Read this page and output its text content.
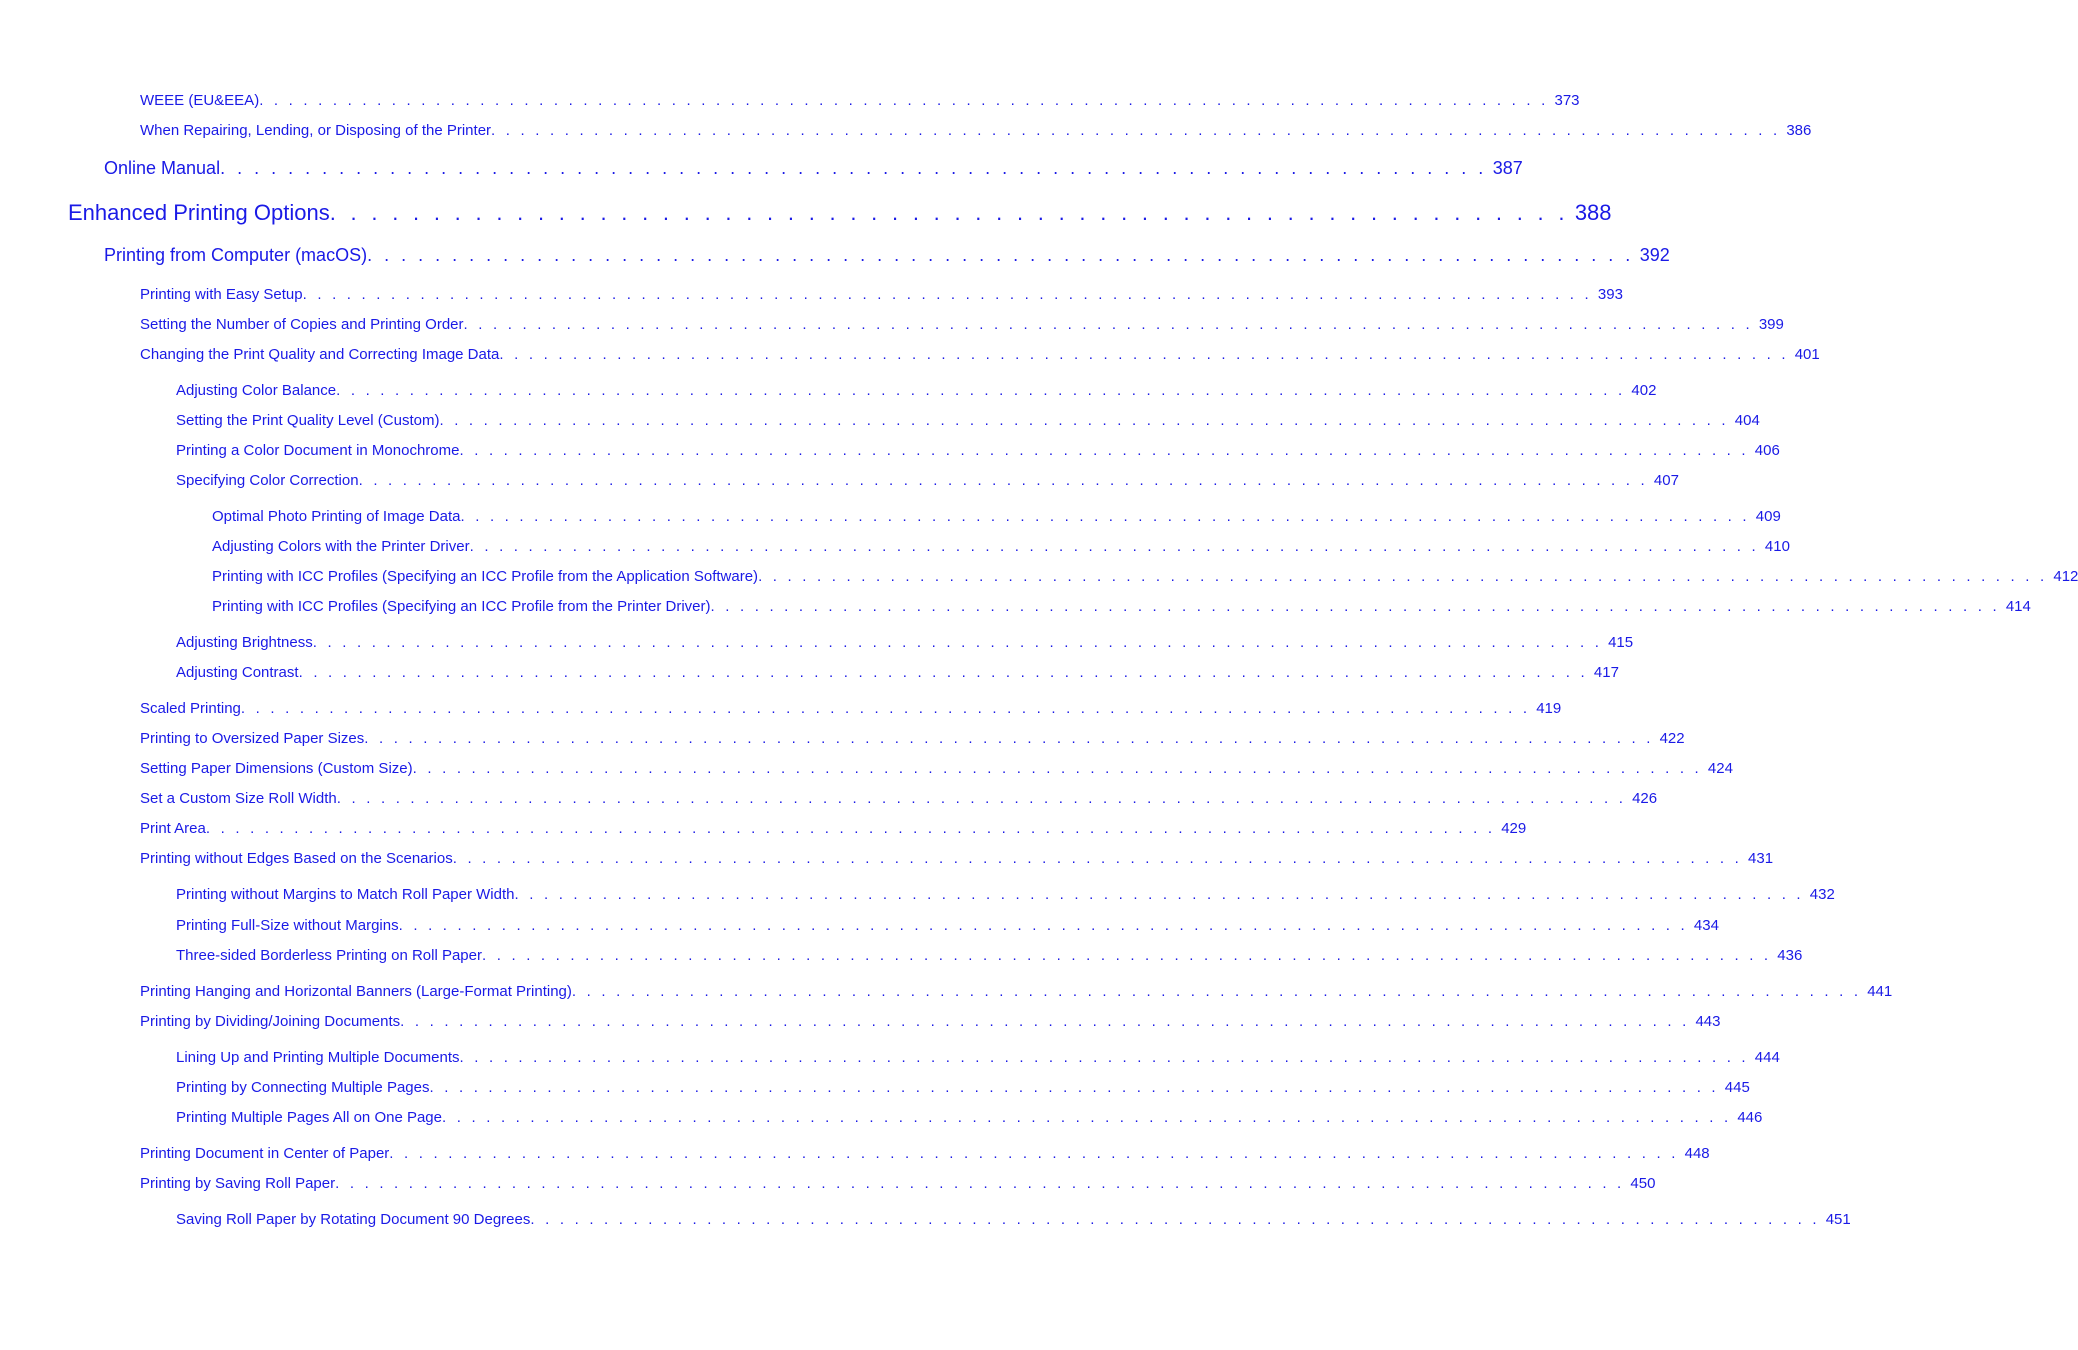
WEEE (EU&EEA) . . . . . . . . . . . . . . . . . . . . . . . . . . . . . . . . . . . . . . . . . . . . . . . . . . . . . . . . . . . . . . . . . . . . . . . . . . . . . . . . . . . . . . . . 373
When Repairing, Lending, or Disposing of the Printer . . . . . . . . . . . . . . . . . . . . . . . . . . . . . . . . . . . . . . . . . . . . . . . . . . . . . . . . . . . . . . . . . . . . . . . . . . . . . . . . . . . . . . . . 386
Online Manual . . . . . . . . . . . . . . . . . . . . . . . . . . . . . . . . . . . . . . . . . . . . . . . . . . . . . . . . . . . . . . . . . . . . . . . . . . . 387
Enhanced Printing Options . . . . . . . . . . . . . . . . . . . . . . . . . . . . . . . . . . . . . . . . . . . . . . . . . . . . . . . . . . . . 388
Printing from Computer (macOS) . . . . . . . . . . . . . . . . . . . . . . . . . . . . . . . . . . . . . . . . . . . . . . . . . . . . . . . . . . . . . . . . . . . . . . . . . . . 392
Printing with Easy Setup . . . . . . . . . . . . . . . . . . . . . . . . . . . . . . . . . . . . . . . . . . . . . . . . . . . . . . . . . . . . . . . . . . . . . . . . . . . . . . . . . . . . . . . . 393
Setting the Number of Copies and Printing Order . . . . . . . . . . . . . . . . . . . . . . . . . . . . . . . . . . . . . . . . . . . . . . . . . . . . . . . . . . . . . . . . . . . . . . . . . . . . . . . . . . . . . . . . 399
Changing the Print Quality and Correcting Image Data . . . . . . . . . . . . . . . . . . . . . . . . . . . . . . . . . . . . . . . . . . . . . . . . . . . . . . . . . . . . . . . . . . . . . . . . . . . . . . . . . . . . . . . . 401
Adjusting Color Balance . . . . . . . . . . . . . . . . . . . . . . . . . . . . . . . . . . . . . . . . . . . . . . . . . . . . . . . . . . . . . . . . . . . . . . . . . . . . . . . . . . . . . . . . 402
Setting the Print Quality Level (Custom) . . . . . . . . . . . . . . . . . . . . . . . . . . . . . . . . . . . . . . . . . . . . . . . . . . . . . . . . . . . . . . . . . . . . . . . . . . . . . . . . . . . . . . . . 404
Printing a Color Document in Monochrome . . . . . . . . . . . . . . . . . . . . . . . . . . . . . . . . . . . . . . . . . . . . . . . . . . . . . . . . . . . . . . . . . . . . . . . . . . . . . . . . . . . . . . . . 406
Specifying Color Correction . . . . . . . . . . . . . . . . . . . . . . . . . . . . . . . . . . . . . . . . . . . . . . . . . . . . . . . . . . . . . . . . . . . . . . . . . . . . . . . . . . . . . . . . 407
Optimal Photo Printing of Image Data . . . . . . . . . . . . . . . . . . . . . . . . . . . . . . . . . . . . . . . . . . . . . . . . . . . . . . . . . . . . . . . . . . . . . . . . . . . . . . . . . . . . . . . . 409
Adjusting Colors with the Printer Driver . . . . . . . . . . . . . . . . . . . . . . . . . . . . . . . . . . . . . . . . . . . . . . . . . . . . . . . . . . . . . . . . . . . . . . . . . . . . . . . . . . . . . . . . 410
Printing with ICC Profiles (Specifying an ICC Profile from the Application Software) . . . . . . . . . . . . . . . . . . . . . . . . . . . . . . . . . . . . . . . . . . . . . . . . . . . . . . . . . . . . . . . . . . . . . . . . . . . . . . . . . . . . . . . . 412
Printing with ICC Profiles (Specifying an ICC Profile from the Printer Driver) . . . . . . . . . . . . . . . . . . . . . . . . . . . . . . . . . . . . . . . . . . . . . . . . . . . . . . . . . . . . . . . . . . . . . . . . . . . . . . . . . . . . . . . . 414
Adjusting Brightness . . . . . . . . . . . . . . . . . . . . . . . . . . . . . . . . . . . . . . . . . . . . . . . . . . . . . . . . . . . . . . . . . . . . . . . . . . . . . . . . . . . . . . . . 415
Adjusting Contrast . . . . . . . . . . . . . . . . . . . . . . . . . . . . . . . . . . . . . . . . . . . . . . . . . . . . . . . . . . . . . . . . . . . . . . . . . . . . . . . . . . . . . . . . 417
Scaled Printing . . . . . . . . . . . . . . . . . . . . . . . . . . . . . . . . . . . . . . . . . . . . . . . . . . . . . . . . . . . . . . . . . . . . . . . . . . . . . . . . . . . . . . . . 419
Printing to Oversized Paper Sizes . . . . . . . . . . . . . . . . . . . . . . . . . . . . . . . . . . . . . . . . . . . . . . . . . . . . . . . . . . . . . . . . . . . . . . . . . . . . . . . . . . . . . . . . 422
Setting Paper Dimensions (Custom Size) . . . . . . . . . . . . . . . . . . . . . . . . . . . . . . . . . . . . . . . . . . . . . . . . . . . . . . . . . . . . . . . . . . . . . . . . . . . . . . . . . . . . . . . . 424
Set a Custom Size Roll Width . . . . . . . . . . . . . . . . . . . . . . . . . . . . . . . . . . . . . . . . . . . . . . . . . . . . . . . . . . . . . . . . . . . . . . . . . . . . . . . . . . . . . . . . 426
Print Area . . . . . . . . . . . . . . . . . . . . . . . . . . . . . . . . . . . . . . . . . . . . . . . . . . . . . . . . . . . . . . . . . . . . . . . . . . . . . . . . . . . . . . . . 429
Printing without Edges Based on the Scenarios . . . . . . . . . . . . . . . . . . . . . . . . . . . . . . . . . . . . . . . . . . . . . . . . . . . . . . . . . . . . . . . . . . . . . . . . . . . . . . . . . . . . . . . . 431
Printing without Margins to Match Roll Paper Width . . . . . . . . . . . . . . . . . . . . . . . . . . . . . . . . . . . . . . . . . . . . . . . . . . . . . . . . . . . . . . . . . . . . . . . . . . . . . . . . . . . . . . . . 432
Printing Full-Size without Margins . . . . . . . . . . . . . . . . . . . . . . . . . . . . . . . . . . . . . . . . . . . . . . . . . . . . . . . . . . . . . . . . . . . . . . . . . . . . . . . . . . . . . . . . 434
Three-sided Borderless Printing on Roll Paper . . . . . . . . . . . . . . . . . . . . . . . . . . . . . . . . . . . . . . . . . . . . . . . . . . . . . . . . . . . . . . . . . . . . . . . . . . . . . . . . . . . . . . . . 436
Printing Hanging and Horizontal Banners (Large-Format Printing) . . . . . . . . . . . . . . . . . . . . . . . . . . . . . . . . . . . . . . . . . . . . . . . . . . . . . . . . . . . . . . . . . . . . . . . . . . . . . . . . . . . . . . . . 441
Printing by Dividing/Joining Documents . . . . . . . . . . . . . . . . . . . . . . . . . . . . . . . . . . . . . . . . . . . . . . . . . . . . . . . . . . . . . . . . . . . . . . . . . . . . . . . . . . . . . . . . 443
Lining Up and Printing Multiple Documents . . . . . . . . . . . . . . . . . . . . . . . . . . . . . . . . . . . . . . . . . . . . . . . . . . . . . . . . . . . . . . . . . . . . . . . . . . . . . . . . . . . . . . . . 444
Printing by Connecting Multiple Pages . . . . . . . . . . . . . . . . . . . . . . . . . . . . . . . . . . . . . . . . . . . . . . . . . . . . . . . . . . . . . . . . . . . . . . . . . . . . . . . . . . . . . . . . 445
Printing Multiple Pages All on One Page . . . . . . . . . . . . . . . . . . . . . . . . . . . . . . . . . . . . . . . . . . . . . . . . . . . . . . . . . . . . . . . . . . . . . . . . . . . . . . . . . . . . . . . . 446
Printing Document in Center of Paper . . . . . . . . . . . . . . . . . . . . . . . . . . . . . . . . . . . . . . . . . . . . . . . . . . . . . . . . . . . . . . . . . . . . . . . . . . . . . . . . . . . . . . . . 448
Printing by Saving Roll Paper . . . . . . . . . . . . . . . . . . . . . . . . . . . . . . . . . . . . . . . . . . . . . . . . . . . . . . . . . . . . . . . . . . . . . . . . . . . . . . . . . . . . . . . . 450
Saving Roll Paper by Rotating Document 90 Degrees . . . . . . . . . . . . . . . . . . . . . . . . . . . . . . . . . . . . . . . . . . . . . . . . . . . . . . . . . . . . . . . . . . . . . . . . . . . . . . . . . . . . . . . . 451
